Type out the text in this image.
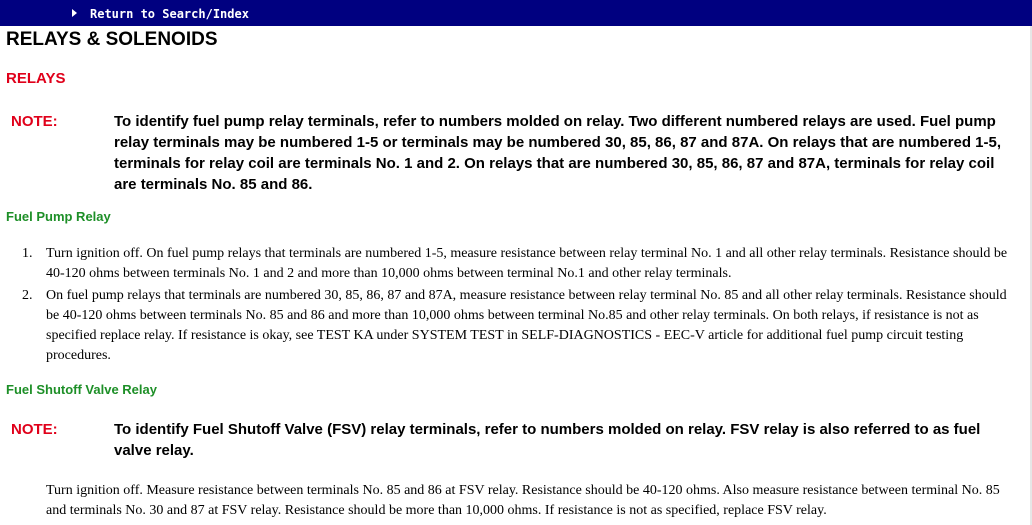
Return to Search/Index
RELAYS & SOLENOIDS
RELAYS
NOTE:	To identify fuel pump relay terminals, refer to numbers molded on relay. Two different numbered relays are used. Fuel pump relay terminals may be numbered 1-5 or terminals may be numbered 30, 85, 86, 87 and 87A. On relays that are numbered 1-5, terminals for relay coil are terminals No. 1 and 2. On relays that are numbered 30, 85, 86, 87 and 87A, terminals for relay coil are terminals No. 85 and 86.
Fuel Pump Relay
1. Turn ignition off. On fuel pump relays that terminals are numbered 1-5, measure resistance between relay terminal No. 1 and all other relay terminals. Resistance should be 40-120 ohms between terminals No. 1 and 2 and more than 10,000 ohms between terminal No.1 and other relay terminals.
2. On fuel pump relays that terminals are numbered 30, 85, 86, 87 and 87A, measure resistance between relay terminal No. 85 and all other relay terminals. Resistance should be 40-120 ohms between terminals No. 85 and 86 and more than 10,000 ohms between terminal No.85 and other relay terminals. On both relays, if resistance is not as specified replace relay. If resistance is okay, see TEST KA under SYSTEM TEST in SELF-DIAGNOSTICS - EEC-V article for additional fuel pump circuit testing procedures.
Fuel Shutoff Valve Relay
NOTE:	To identify Fuel Shutoff Valve (FSV) relay terminals, refer to numbers molded on relay. FSV relay is also referred to as fuel valve relay.

Turn ignition off. Measure resistance between terminals No. 85 and 86 at FSV relay. Resistance should be 40-120 ohms. Also measure resistance between terminal No. 85 and terminals No. 30 and 87 at FSV relay. Resistance should be more than 10,000 ohms. If resistance is not as specified, replace FSV relay.
